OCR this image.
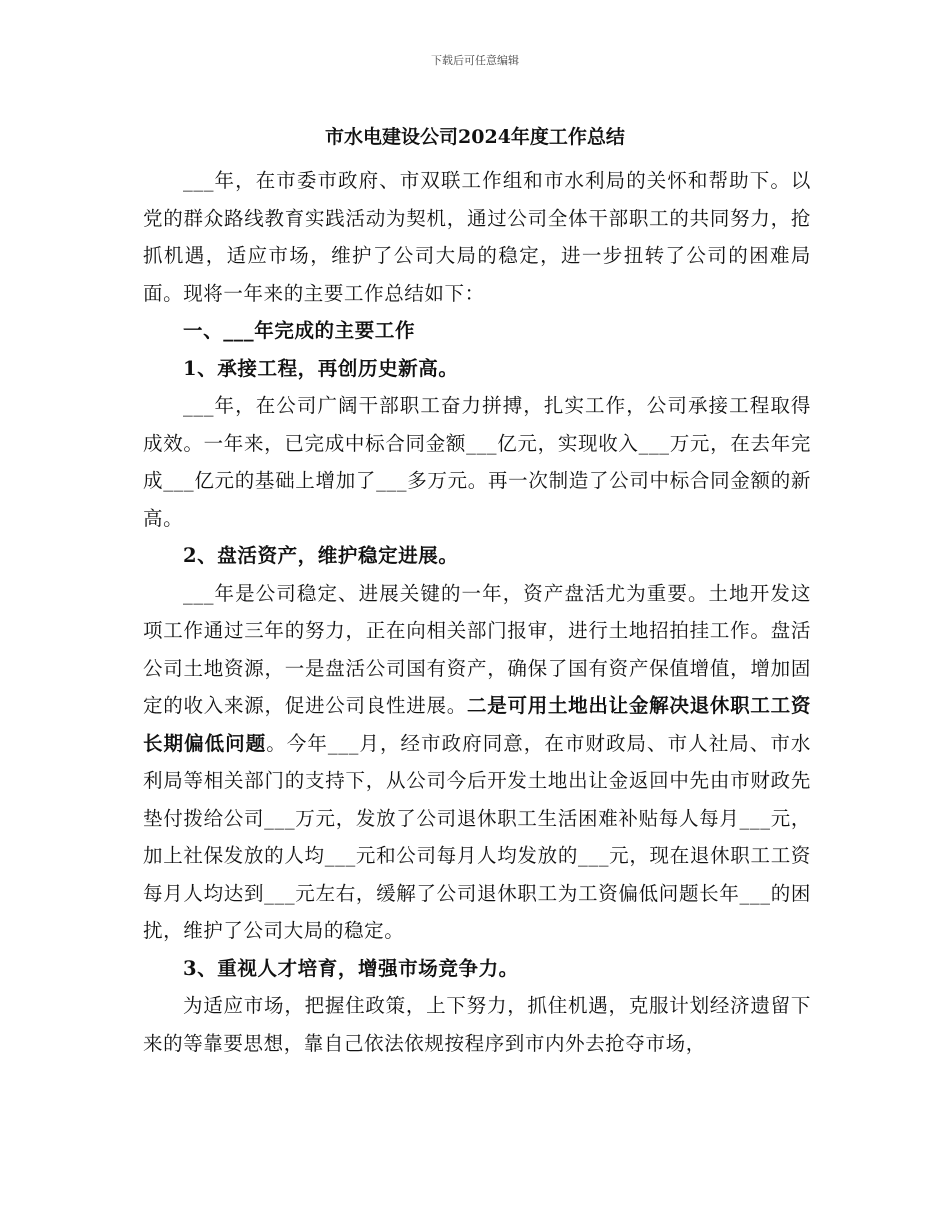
下载后可任意编辑
市水电建设公司2024年度工作总结

___年，在市委市政府、市双联工作组和市水利局的关怀和帮助下。以党的群众路线教育实践活动为契机，通过公司全体干部职工的共同努力，抢抓机遇，适应市场，维护了公司大局的稳定，进一步扭转了公司的困难局面。现将一年来的主要工作总结如下：

一、___年完成的主要工作

1、承接工程，再创历史新高。

___年，在公司广阔干部职工奋力拼搏，扎实工作，公司承接工程取得成效。一年来，已完成中标合同金额___亿元，实现收入___万元，在去年完成___亿元的基础上增加了___多万元。再一次制造了公司中标合同金额的新高。

2、盘活资产，维护稳定进展。

___年是公司稳定、进展关键的一年，资产盘活尤为重要。土地开发这项工作通过三年的努力，正在向相关部门报审，进行土地招拍挂工作。盘活公司土地资源，一是盘活公司国有资产，确保了国有资产保值增值，增加固定的收入来源，促进公司良性进展。二是可用土地出让金解决退休职工工资长期偏低问题。今年___月，经市政府同意，在市财政局、市人社局、市水利局等相关部门的支持下，从公司今后开发土地出让金返回中先由市财政先垫付拨给公司___万元，发放了公司退休职工生活困难补贴每人每月___元，加上社保发放的人均___元和公司每月人均发放的___元，现在退休职工工资每月人均达到___元左右，缓解了公司退休职工为工资偏低问题长年___的困扰，维护了公司大局的稳定。

3、重视人才培育，增强市场竞争力。

为适应市场，把握住政策，上下努力，抓住机遇，克服计划经济遗留下来的等靠要思想，靠自己依法依规按程序到市内外去抢夺市场，
